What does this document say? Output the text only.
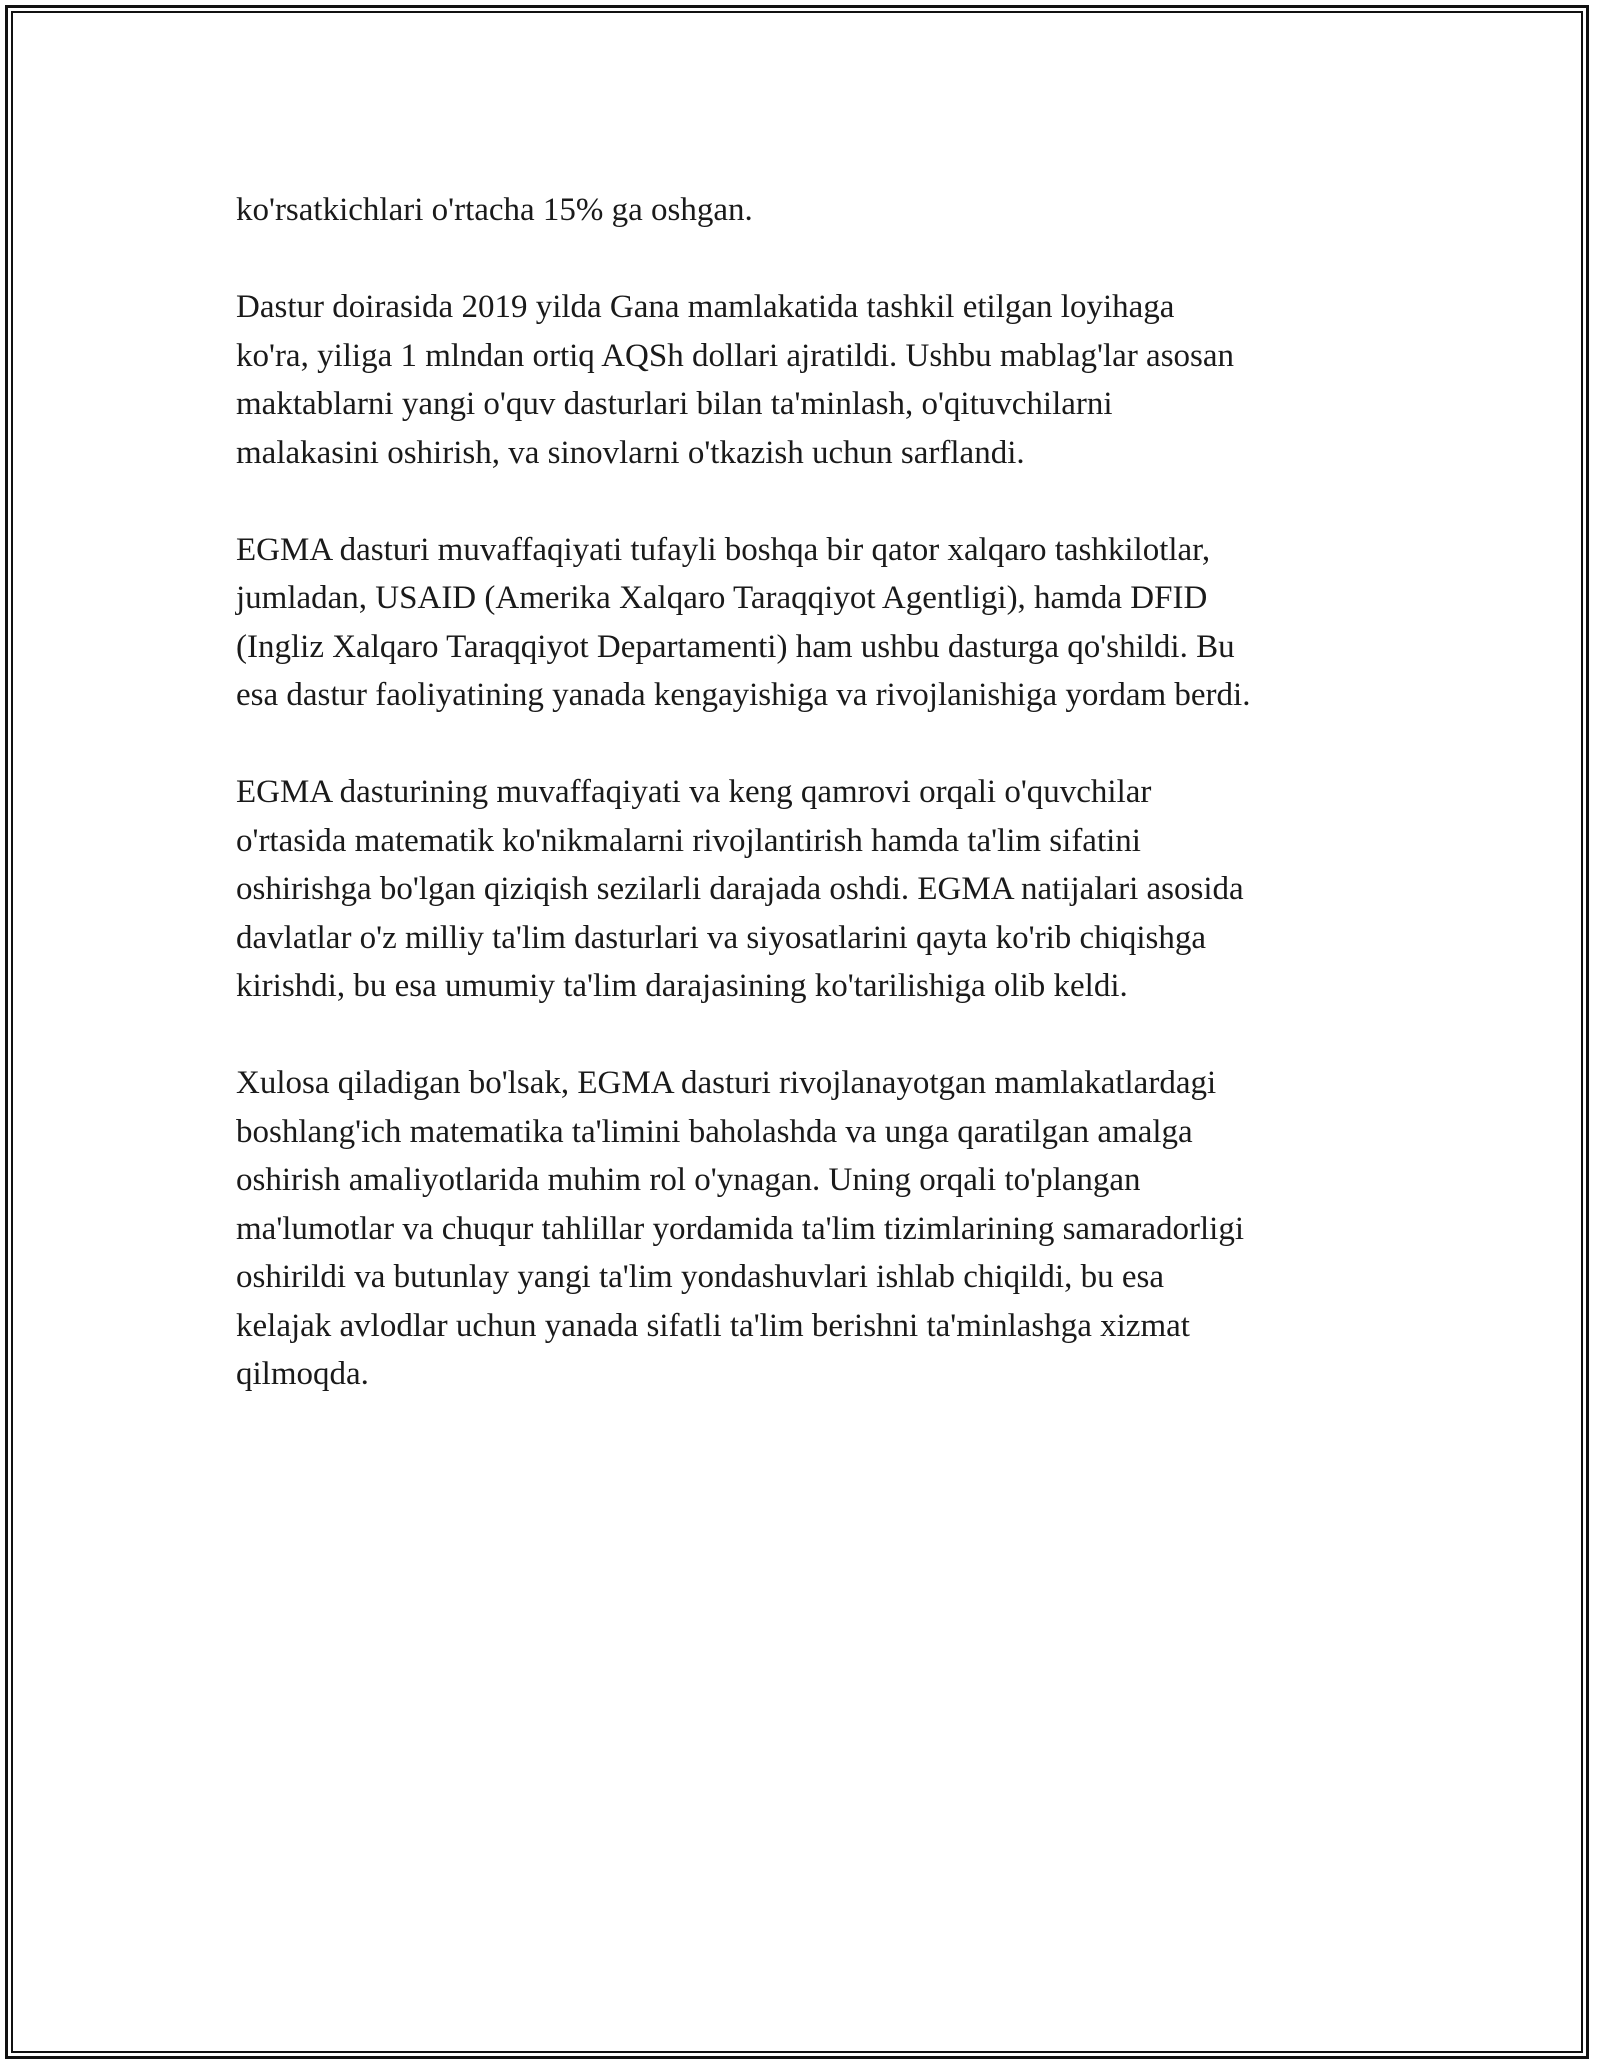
ko'rsatkichlari o'rtacha 15% ga oshgan.

Dastur doirasida 2019 yilda Gana mamlakatida tashkil etilgan loyihaga
ko'ra, yiliga 1 mlndan ortiq AQSh dollari ajratildi. Ushbu mablag'lar asosan
maktablarni yangi o'quv dasturlari bilan ta'minlash, o'qituvchilarni
malakasini oshirish, va sinovlarni o'tkazish uchun sarflandi.

EGMA dasturi muvaffaqiyati tufayli boshqa bir qator xalqaro tashkilotlar,
jumladan, USAID (Amerika Xalqaro Taraqqiyot Agentligi), hamda DFID
(Ingliz Xalqaro Taraqqiyot Departamenti) ham ushbu dasturga qo'shildi. Bu
esa dastur faoliyatining yanada kengayishiga va rivojlanishiga yordam berdi.

EGMA dasturining muvaffaqiyati va keng qamrovi orqali o'quvchilar
o'rtasida matematik ko'nikmalarni rivojlantirish hamda ta'lim sifatini
oshirishga bo'lgan qiziqish sezilarli darajada oshdi. EGMA natijalari asosida
davlatlar o'z milliy ta'lim dasturlari va siyosatlarini qayta ko'rib chiqishga
kirishdi, bu esa umumiy ta'lim darajasining ko'tarilishiga olib keldi.

Xulosa qiladigan bo'lsak, EGMA dasturi rivojlanayotgan mamlakatlardagi
boshlang'ich matematika ta'limini baholashda va unga qaratilgan amalga
oshirish amaliyotlarida muhim rol o'ynagan. Uning orqali to'plangan
ma'lumotlar va chuqur tahlillar yordamida ta'lim tizimlarining samaradorligi
oshirildi va butunlay yangi ta'lim yondashuvlari ishlab chiqildi, bu esa
kelajak avlodlar uchun yanada sifatli ta'lim berishni ta'minlashga xizmat
qilmoqda.
